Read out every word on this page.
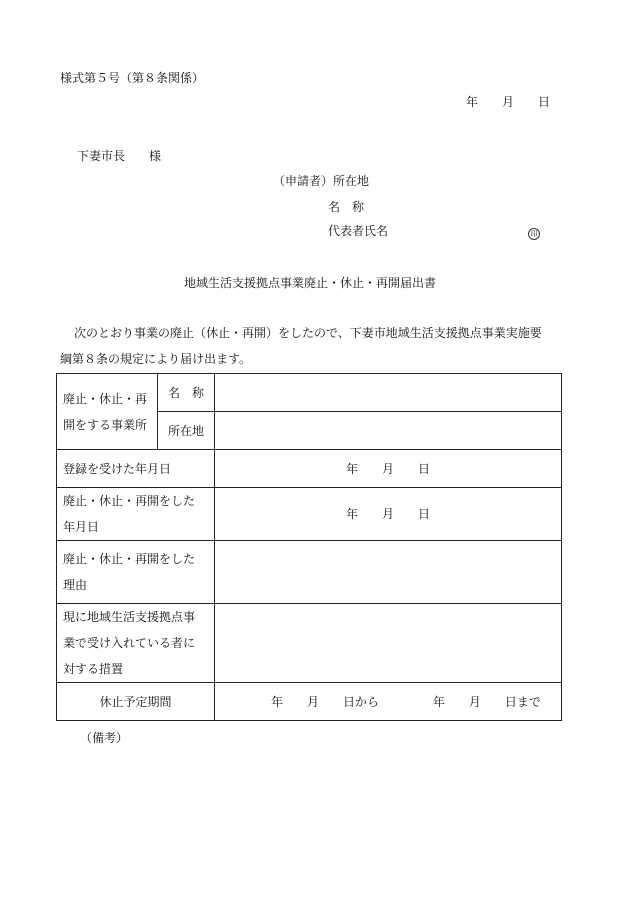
様式第５号（第８条関係）
年　　月　　日
下妻市長　　様
（申請者）所在地
名　称
代表者氏名	印
地域生活支援拠点事業廃止・休止・再開届出書
次のとおり事業の廃止（休止・再開）をしたので、下妻市地域生活支援拠点事業実施要
綱第８条の規定により届け出ます。
廃止・休止・再
開をする事業所	名　称	
	所在地	
登録を受けた年月日		年　　月　　日

廃止・休止・再開をした
年月日		年　　月　　日

廃止・休止・再開をした
理由		

現に地域生活支援拠点事
業で受け入れている者に
対する措置		

休止予定期間		年　　月　　日から 年　　月　　日まで
（備考）
